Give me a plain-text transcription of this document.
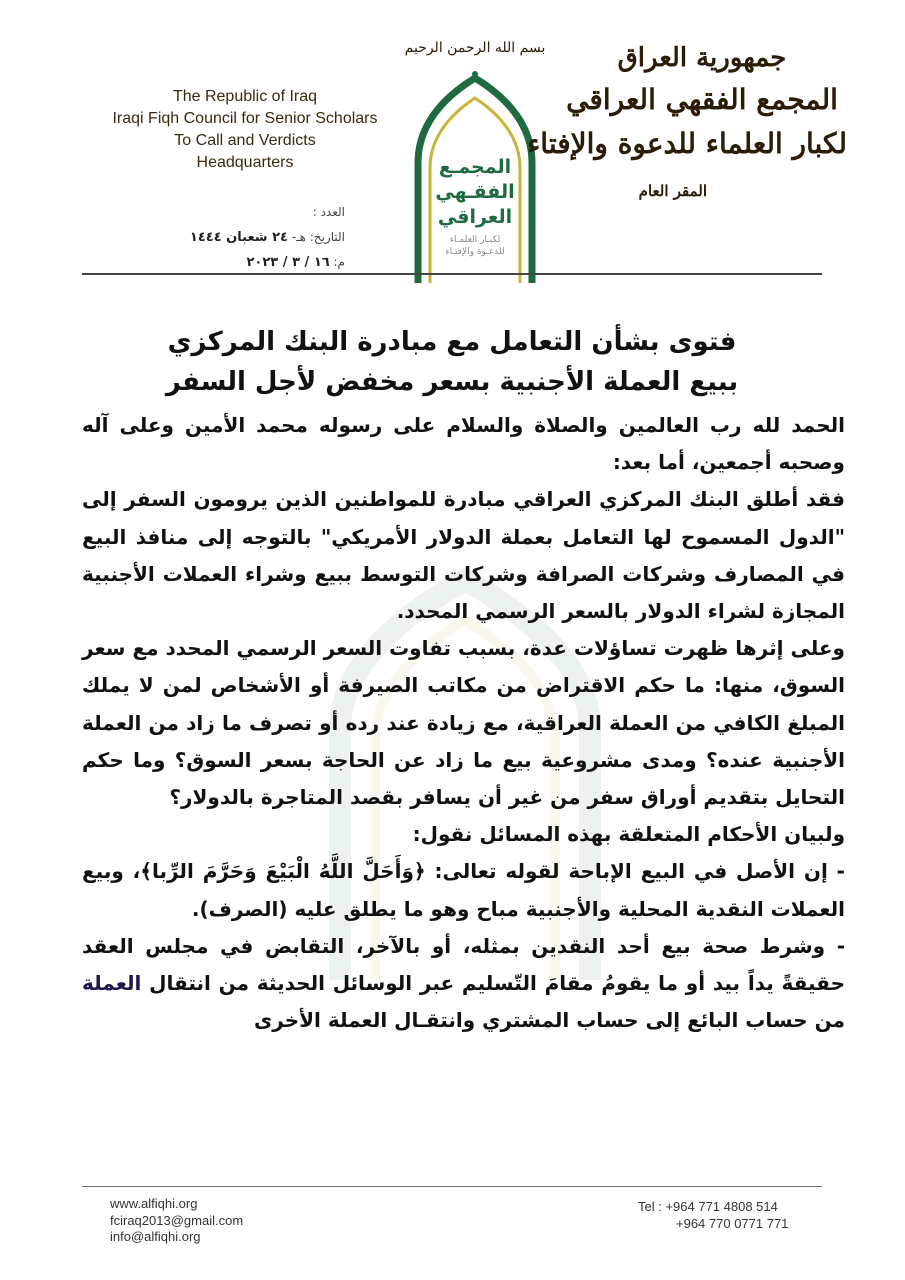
The Republic of Iraq
Iraqi Fiqh Council for Senior Scholars
To Call and Verdicts
Headquarters
بسم الله الرحمن الرحيم
المجمـع
الفقـهي
العراقي
لكبـار العلمـاء
للدعـوة والإفتـاء
جمهورية العراق
المجمع الفقهي العراقي
لكبار العلماء للدعوة والإفتاء
المقر العام
العدد :
التاريخ: هـ- ٢٤ شعبان ١٤٤٤
م: ١٦ / ٣ / ٢٠٢٣
فتوى بشأن التعامل مع مبادرة البنك المركزي
ببيع العملة الأجنبية بسعر مخفض لأجل السفر

الحمد لله رب العالمين والصلاة والسلام على رسوله محمد الأمين وعلى آله وصحبه أجمعين، أما بعد:

فقد أطلق البنك المركزي العراقي مبادرة للمواطنين الذين يرومون السفر إلى "الدول المسموح لها التعامل بعملة الدولار الأمريكي" بالتوجه إلى منافذ البيع في المصارف وشركات الصرافة وشركات التوسط ببيع وشراء العملات الأجنبية المجازة لشراء الدولار بالسعر الرسمي المحدد.

وعلى إثرها ظهرت تساؤلات عدة، بسبب تفاوت السعر الرسمي المحدد مع سعر السوق، منها: ما حكم الاقتراض من مكاتب الصيرفة أو الأشخاص لمن لا يملك المبلغ الكافي من العملة العراقية، مع زيادة عند رده أو تصرف ما زاد من العملة الأجنبية عنده؟ ومدى مشروعية بيع ما زاد عن الحاجة بسعر السوق؟ وما حكم التحايل بتقديم أوراق سفر من غير أن يسافر بقصد المتاجرة بالدولار؟

ولبيان الأحكام المتعلقة بهذه المسائل نقول:

- إن الأصل في البيع الإباحة لقوله تعالى: ﴿وَأَحَلَّ اللَّهُ الْبَيْعَ وَحَرَّمَ الرِّبا﴾، وبيع العملات النقدية المحلية والأجنبية مباح وهو ما يطلق عليه (الصرف).

- وشرط صحة بيع أحد النقدين بمثله، أو بالآخر، التقابض في مجلس العقد حقيقةً يداً بيد أو ما يقومُ مقامَ التّسليم عبر الوسائل الحديثة من انتقال العملة من حساب البائع إلى حساب المشتري وانتقـال العملة الأخرى

www.alfiqhi.org
fciraq2013@gmail.com
info@alfiqhi.org
Tel : +964 771 4808 514
+964 770 0771 771
